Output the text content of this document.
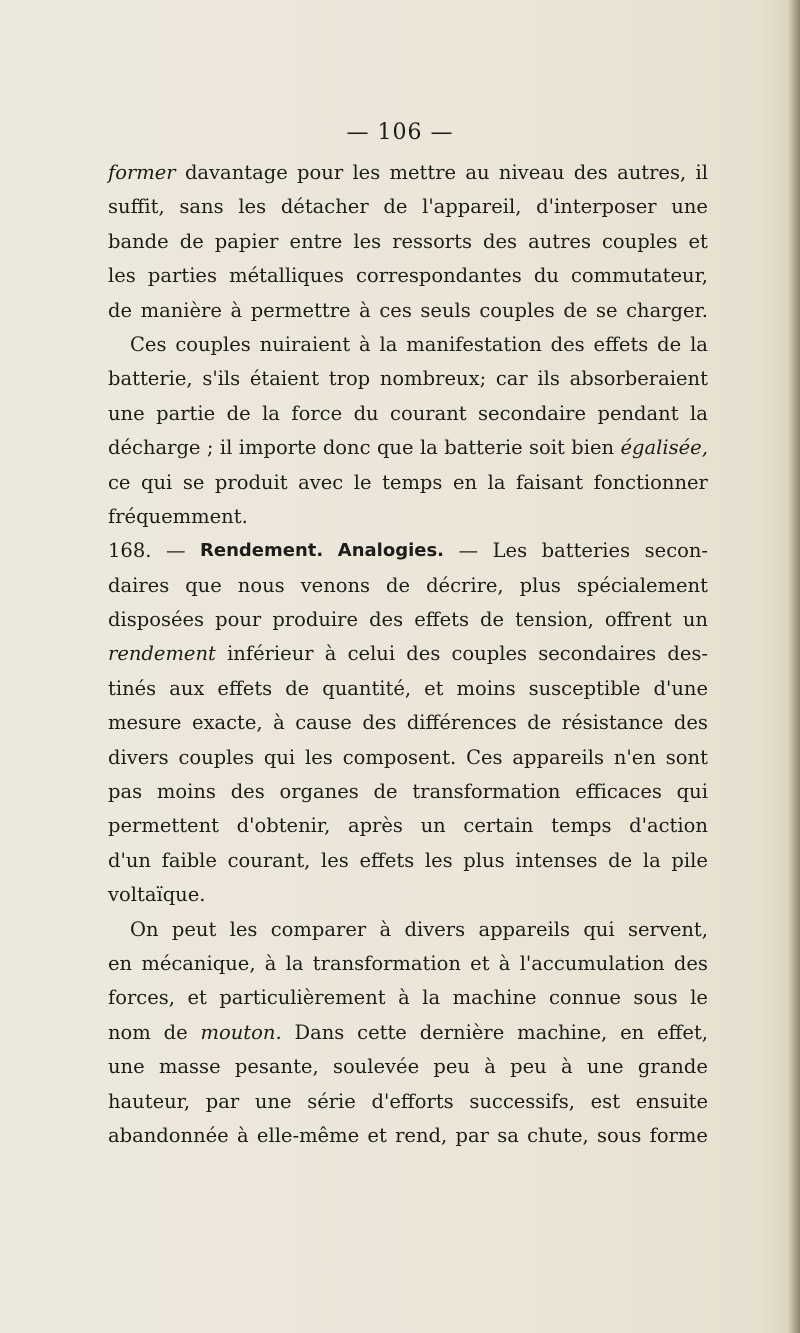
— 106 —
former davantage pour les mettre au niveau des autres, il
suffit, sans les détacher de l'appareil, d'interposer une
bande de papier entre les ressorts des autres couples et
les parties métalliques correspondantes du commutateur,
de manière à permettre à ces seuls couples de se charger.
Ces couples nuiraient à la manifestation des effets de la
batterie, s'ils étaient trop nombreux; car ils absorberaient
une partie de la force du courant secondaire pendant la
décharge ; il importe donc que la batterie soit bien égalisée,
ce qui se produit avec le temps en la faisant fonctionner
fréquemment.
168. — Rendement. Analogies. — Les batteries secon-
daires que nous venons de décrire, plus spécialement
disposées pour produire des effets de tension, offrent un
rendement inférieur à celui des couples secondaires des-
tinés aux effets de quantité, et moins susceptible d'une
mesure exacte, à cause des différences de résistance des
divers couples qui les composent. Ces appareils n'en sont
pas moins des organes de transformation efficaces qui
permettent d'obtenir, après un certain temps d'action
d'un faible courant, les effets les plus intenses de la pile
voltaïque.
On peut les comparer à divers appareils qui servent,
en mécanique, à la transformation et à l'accumulation des
forces, et particulièrement à la machine connue sous le
nom de mouton. Dans cette dernière machine, en effet,
une masse pesante, soulevée peu à peu à une grande
hauteur, par une série d'efforts successifs, est ensuite
abandonnée à elle-même et rend, par sa chute, sous forme
